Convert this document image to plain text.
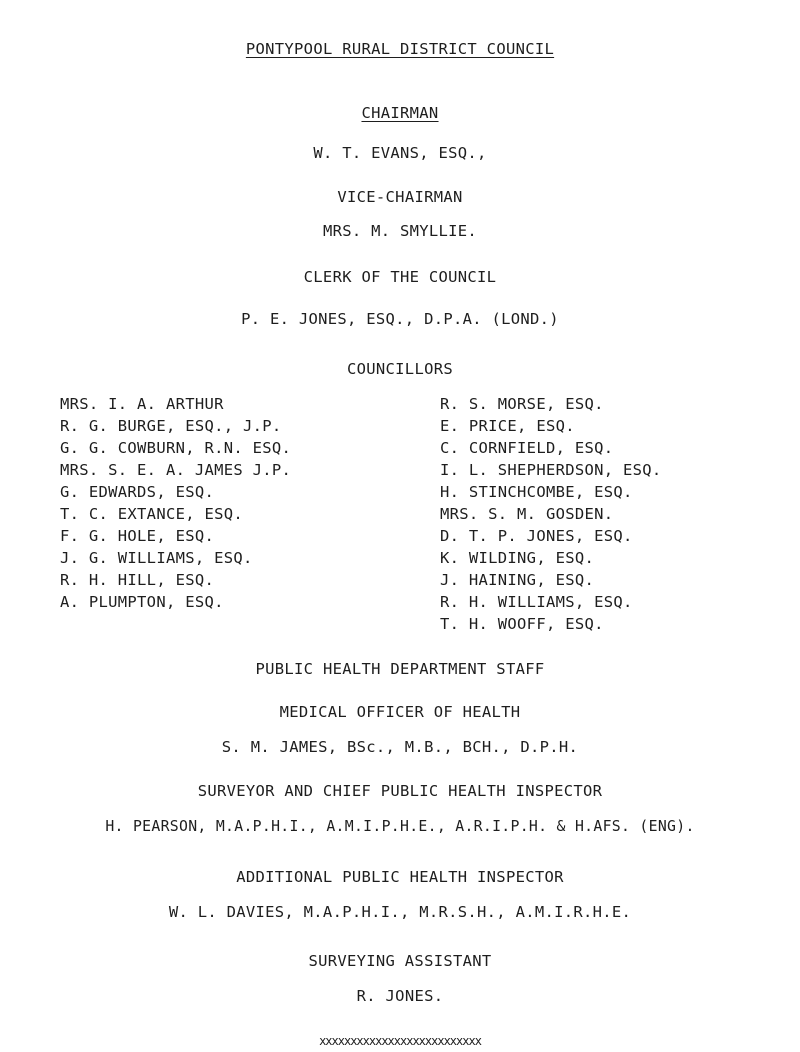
PONTYPOOL RURAL DISTRICT COUNCIL
CHAIRMAN
W. T. EVANS, ESQ.,
VICE-CHAIRMAN
MRS. M. SMYLLIE.
CLERK OF THE COUNCIL
P. E. JONES, ESQ., D.P.A. (LOND.)
COUNCILLORS
MRS. I. A. ARTHUR
R. G. BURGE, ESQ., J.P.
G. G. COWBURN, R.N. ESQ.
MRS. S. E. A. JAMES J.P.
G. EDWARDS, ESQ.
T. C. EXTANCE, ESQ.
F. G. HOLE, ESQ.
J. G. WILLIAMS, ESQ.
R. H. HILL, ESQ.
A. PLUMPTON, ESQ.
R. S. MORSE, ESQ.
E. PRICE, ESQ.
C. CORNFIELD, ESQ.
I. L. SHEPHERDSON, ESQ.
H. STINCHCOMBE, ESQ.
MRS. S. M. GOSDEN.
D. T. P. JONES, ESQ.
K. WILDING, ESQ.
J. HAINING, ESQ.
R. H. WILLIAMS, ESQ.
T. H. WOOFF, ESQ.
PUBLIC HEALTH DEPARTMENT STAFF
MEDICAL OFFICER OF HEALTH
S. M. JAMES, BSc., M.B., BCH., D.P.H.
SURVEYOR AND CHIEF PUBLIC HEALTH INSPECTOR
H. PEARSON, M.A.P.H.I., A.M.I.P.H.E., A.R.I.P.H. & H.AFS. (ENG).
ADDITIONAL PUBLIC HEALTH INSPECTOR
W. L. DAVIES, M.A.P.H.I., M.R.S.H., A.M.I.R.H.E.
SURVEYING ASSISTANT
R. JONES.
xxxxxxxxxxxxxxxxxxxxxxxxxx
